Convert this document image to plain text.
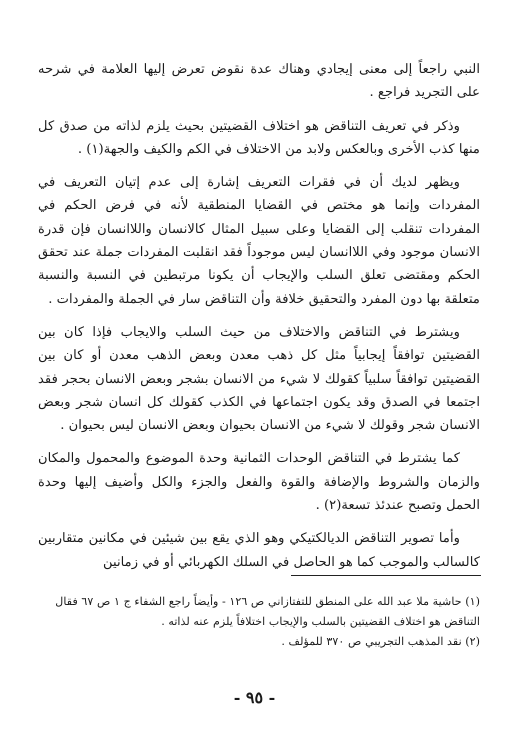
النبي راجعاً إلى معنى إيجادي وهناك عدة نقوض تعرض إليها العلامة في شرحه على التجريد فراجع .

وذكر في تعريف التناقض هو اختلاف القضيتين بحيث يلزم لذاته من صدق كل منها كذب الأخرى وبالعكس ولابد من الاختلاف في الكم والكيف والجهة(١) .

ويظهر لديك أن في فقرات التعريف إشارة إلى عدم إتيان التعريف في المفردات وإنما هو مختص في القضايا المنطقية لأنه في فرض الحكم في المفردات تنقلب إلى القضايا وعلى سبيل المثال كالانسان واللاانسان فإن قدرة الانسان موجود وفي اللاانسان ليس موجوداً فقد انقلبت المفردات جملة عند تحقق الحكم ومقتضى تعلق السلب والإيجاب أن يكونا مرتبطين في النسبة والنسبة متعلقة بها دون المفرد والتحقيق خلافة وأن التناقض سار في الجملة والمفردات .

ويشترط في التناقض والاختلاف من حيث السلب والايجاب فإذا كان بين القضيتين توافقاً إيجابياً مثل كل ذهب معدن وبعض الذهب معدن أو كان بين القضيتين توافقاً سلبياً كقولك لا شيء من الانسان بشجر وبعض الانسان بحجر فقد اجتمعا في الصدق وقد يكون اجتماعها في الكذب كقولك كل انسان شجر وبعض الانسان شجر وقولك لا شيء من الانسان بحيوان وبعض الانسان ليس بحيوان .

كما يشترط في التناقض الوحدات الثمانية وحدة الموضوع والمحمول والمكان والزمان والشروط والإضافة والقوة والفعل والجزء والكل وأضيف إليها وحدة الحمل وتصبح عندئذ تسعة(٢) .

وأما تصوير التناقض الديالكتيكي وهو الذي يقع بين شيئين في مكانين متقاربين كالسالب والموجب كما هو الحاصل في السلك الكهربائي أو في زمانين

(١) حاشية ملا عبد الله على المنطق للتفتازاني ص ١٢٦ - وأيضاً راجع الشفاء ج ١ ص ٦٧ فقال التناقض هو اختلاف القضيتين بالسلب والإيجاب اختلافاً يلزم عنه لذاته .

(٢) نقد المذهب التجريبي ص ٣٧٠ للمؤلف .

- ٩٥ -
